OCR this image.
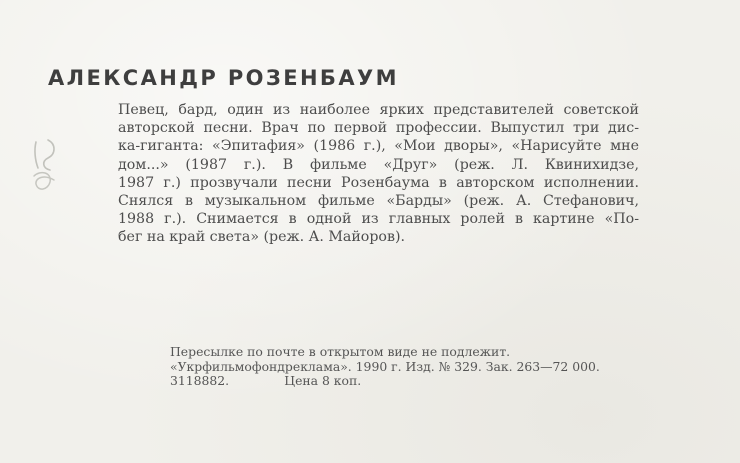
АЛЕКСАНДР РОЗЕНБАУМ
Певец, бард, один из наиболее ярких представителей советской
авторской песни. Врач по первой профессии. Выпустил три дис-
ка-гиганта: «Эпитафия» (1986 г.), «Мои дворы», «Нарисуйте мне
дом...» (1987 г.). В фильме «Друг» (реж. Л. Квинихидзе,
1987 г.) прозвучали песни Розенбаума в авторском исполнении.
Снялся в музыкальном фильме «Барды» (реж. А. Стефанович,
1988 г.). Снимается в одной из главных ролей в картине «По-
бег на край света» (реж. А. Майоров).
Пересылке по почте в открытом виде не подлежит.
«Укрфильмофондреклама». 1990 г. Изд. № 329. Зак. 263—72 000.
3118882.              Цена 8 коп.
